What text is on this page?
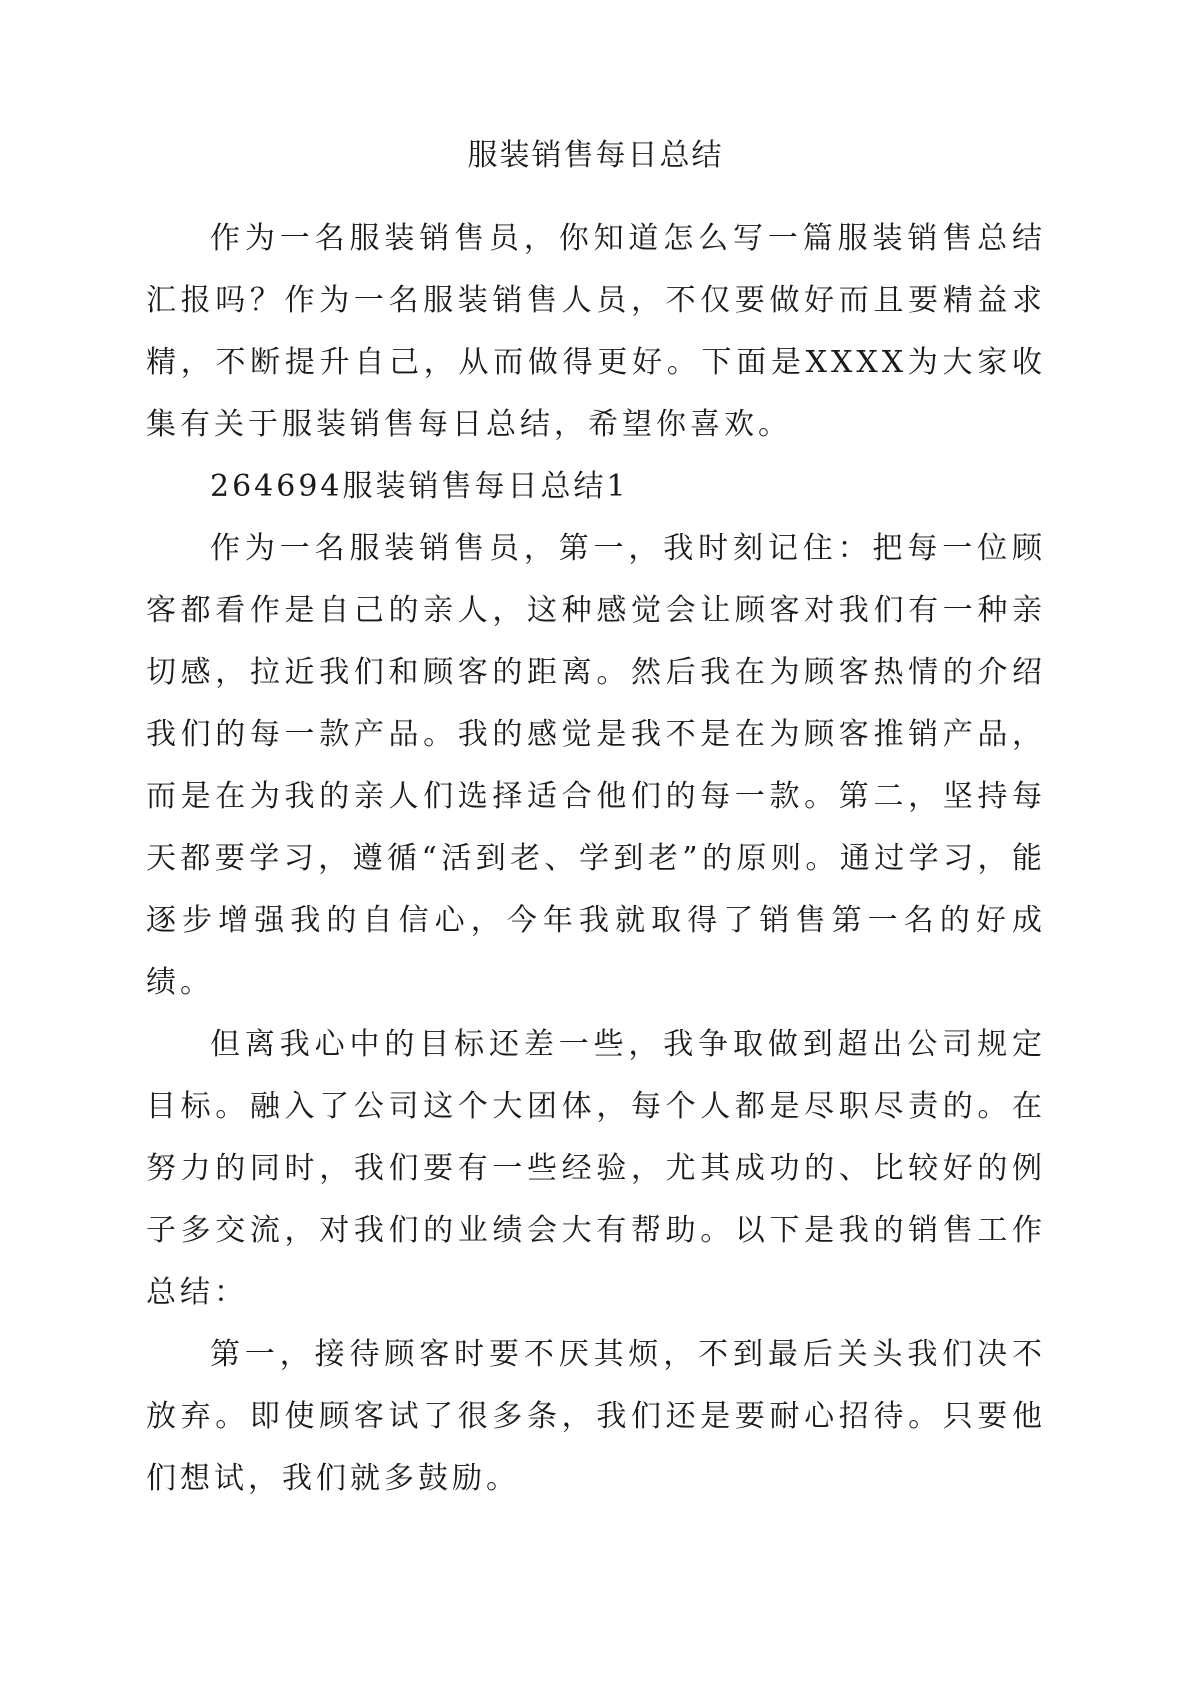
服装销售每日总结

作为一名服装销售员，你知道怎么写一篇服装销售总结汇报吗？作为一名服装销售人员，不仅要做好而且要精益求精，不断提升自己，从而做得更好。下面是XXXX为大家收集有关于服装销售每日总结，希望你喜欢。

264694服装销售每日总结1

作为一名服装销售员，第一，我时刻记住：把每一位顾客都看作是自己的亲人，这种感觉会让顾客对我们有一种亲切感，拉近我们和顾客的距离。然后我在为顾客热情的介绍我们的每一款产品。我的感觉是我不是在为顾客推销产品，而是在为我的亲人们选择适合他们的每一款。第二，坚持每天都要学习，遵循“活到老、学到老”的原则。通过学习，能逐步增强我的自信心，今年我就取得了销售第一名的好成绩。

但离我心中的目标还差一些，我争取做到超出公司规定目标。融入了公司这个大团体，每个人都是尽职尽责的。在努力的同时，我们要有一些经验，尤其成功的、比较好的例子多交流，对我们的业绩会大有帮助。以下是我的销售工作总结：

第一，接待顾客时要不厌其烦，不到最后关头我们决不放弃。即使顾客试了很多条，我们还是要耐心招待。只要他们想试，我们就多鼓励。
